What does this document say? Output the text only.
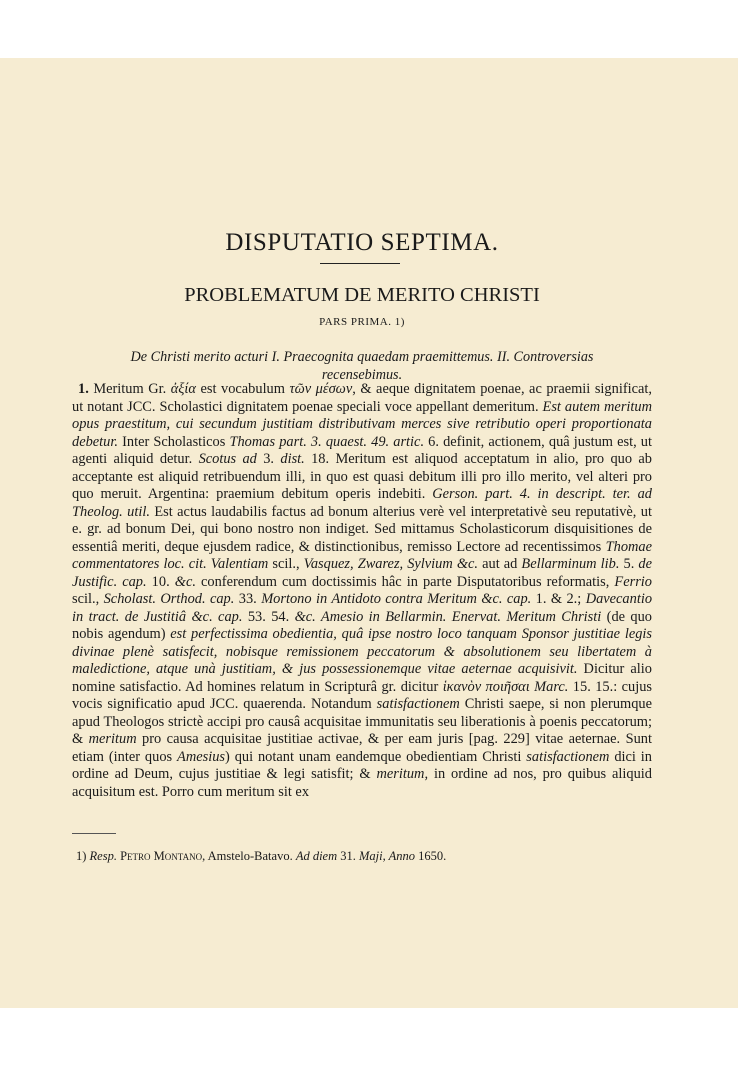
DISPUTATIO SEPTIMA.
PROBLEMATUM DE MERITO CHRISTI
PARS PRIMA. 1)
De Christi merito acturi I. Praecognita quaedam praemittemus. II. Controversias recensebimus.

1. Meritum Gr. ἀξία est vocabulum τῶν μέσων, & aeque dignitatem poenae, ac praemii significat, ut notant JCC. Scholastici dignitatem poenae speciali voce appellant demeritum. Est autem meritum opus praestitum, cui secundum justitiam distributivam merces sive retributio operi proportionata debetur. Inter Scholasticos Thomas part. 3. quaest. 49. artic. 6. definit, actionem, quâ justum est, ut agenti aliquid detur. Scotus ad 3. dist. 18. Meritum est aliquod acceptatum in alio, pro quo ab acceptante est aliquid retribuendum illi, in quo est quasi debitum illi pro illo merito, vel alteri pro quo meruit. Argentina: praemium debitum operis indebiti. Gerson. part. 4. in descript. ter. ad Theolog. util. Est actus laudabilis factus ad bonum alterius verè vel interpretativè seu reputativè, ut e. gr. ad bonum Dei, qui bono nostro non indiget. Sed mittamus Scholasticorum disquisitiones de essentiâ meriti, deque ejusdem radice, & distinctionibus, remisso Lectore ad recentissimos Thomae commentatores loc. cit. Valentiam scil., Vasquez, Zwarez, Sylvium &c. aut ad Bellarminum lib. 5. de Justific. cap. 10. &c. conferendum cum doctissimis hâc in parte Disputatoribus reformatis, Ferrio scil., Scholast. Orthod. cap. 33. Mortono in Antidoto contra Meritum &c. cap. 1. & 2.; Davecantio in tract. de Justitiâ &c. cap. 53. 54. &c. Amesio in Bellarmin. Enervat. Meritum Christi (de quo nobis agendum) est perfectissima obedientia, quâ ipse nostro loco tanquam Sponsor justitiae legis divinae plenè satisfecit, nobisque remissionem peccatorum & absolutionem seu libertatem à maledictione, atque unà justitiam, & jus possessionemque vitae aeternae acquisivit. Dicitur alio nomine satisfactio. Ad homines relatum in Scripturâ gr. dicitur ἱκανὸν ποιῆσαι Marc. 15. 15.: cujus vocis significatio apud JCC. quaerenda. Notandum satisfactionem Christi saepe, si non plerumque apud Theologos strictè accipi pro causâ acquisitae immunitatis seu liberationis à poenis peccatorum; & meritum pro causa acquisitae justitiae activae, & per eam juris [pag. 229] vitae aeternae. Sunt etiam (inter quos Amesius) qui notant unam eandemque obedientiam Christi satisfactionem dici in ordine ad Deum, cujus justitiae & legi satisfit; & meritum, in ordine ad nos, pro quibus aliquid acquisitum est. Porro cum meritum sit ex

1) Resp. Petro Montano, Amstelo-Batavo. Ad diem 31. Maji, Anno 1650.
